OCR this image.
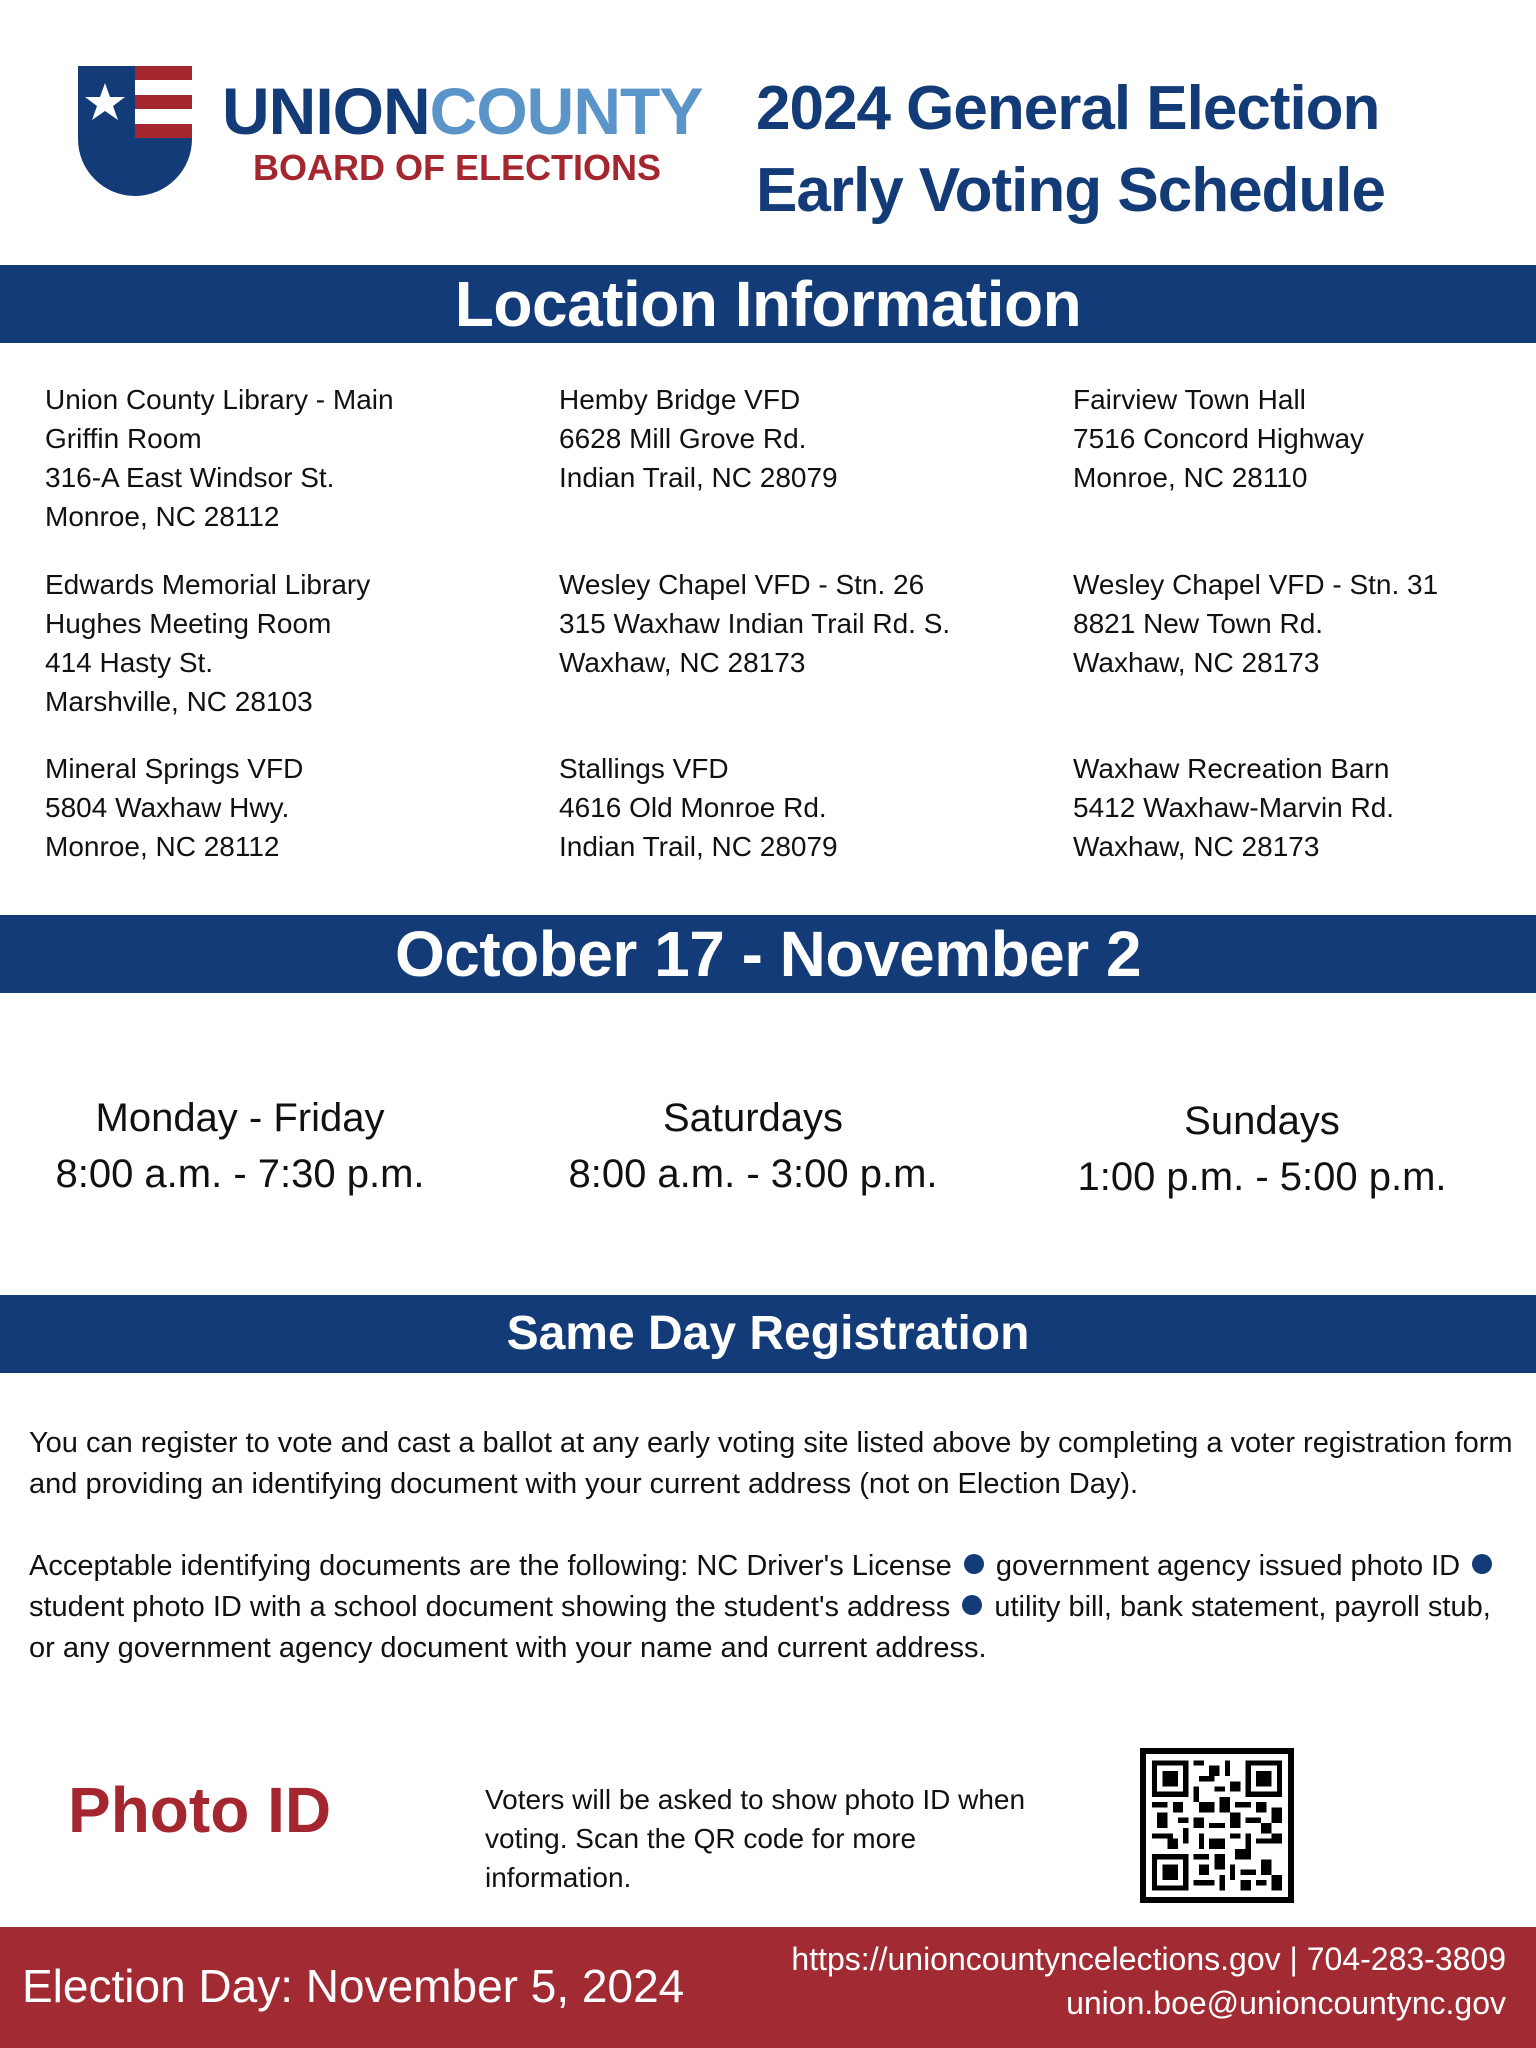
UNIONCOUNTY
BOARD OF ELECTIONS
2024 General Election
Early Voting Schedule
Location Information
Union County Library - Main
Griffin Room
316-A East Windsor St.
Monroe, NC 28112
Hemby Bridge VFD
6628 Mill Grove Rd.
Indian Trail, NC 28079
Fairview Town Hall
7516 Concord Highway
Monroe, NC 28110
Edwards Memorial Library
Hughes Meeting Room
414 Hasty St.
Marshville, NC 28103
Wesley Chapel VFD - Stn. 26
315 Waxhaw Indian Trail Rd. S.
Waxhaw, NC 28173
Wesley Chapel VFD - Stn. 31
8821 New Town Rd.
Waxhaw, NC 28173
Mineral Springs VFD
5804 Waxhaw Hwy.
Monroe, NC 28112
Stallings VFD
4616 Old Monroe Rd.
Indian Trail, NC 28079
Waxhaw Recreation Barn
5412 Waxhaw-Marvin Rd.
Waxhaw, NC 28173
October 17 - November 2
Monday - Friday
8:00 a.m. - 7:30 p.m.
Saturdays
8:00 a.m. - 3:00 p.m.
Sundays
1:00 p.m. - 5:00 p.m.
Same Day Registration
You can register to vote and cast a ballot at any early voting site listed above by completing a voter registration form and providing an identifying document with your current address (not on Election Day).
Acceptable identifying documents are the following: NC Driver's License government agency issued photo ID  student photo ID with a school document showing the student's address utility bill, bank statement, payroll stub, or any government agency document with your name and current address.
Photo ID	Voters will be asked to show photo ID when voting. Scan the QR code for more information.
Election Day: November 5, 2024
https://unioncountyncelections.gov | 704-283-3809
union.boe@unioncountync.gov
